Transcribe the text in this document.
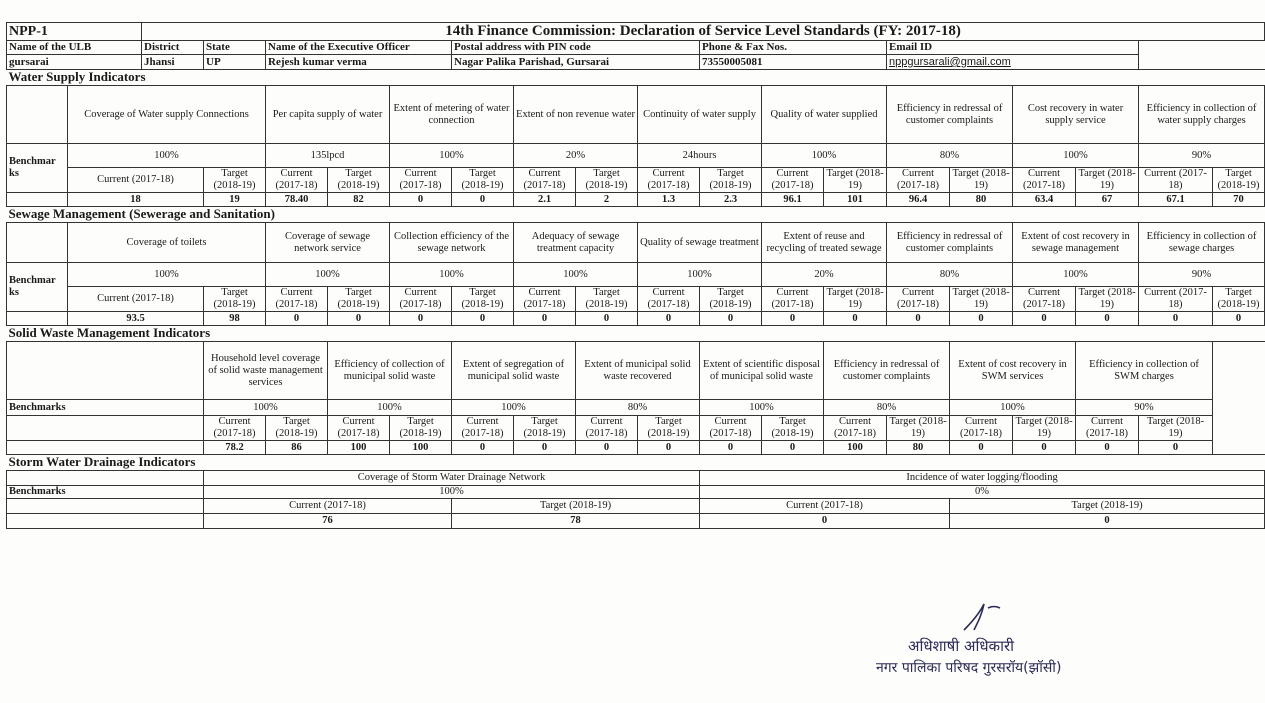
NPP-1		14th Finance Commission: Declaration of Service Level Standards (FY: 2017-18)																	
Name of the ULB		District	State	Name of the Executive Officer			Postal address with PIN code				Phone & Fax Nos.			Email ID					
gursarai		Jhansi	UP	Rejesh kumar verma			Nagar Palika Parishad, Gursarai				73550005081			nppgursarali@gmail.com					
Water Supply Indicators																			
	Coverage of Water supply Connections			Per capita supply of water		Extent of metering of water connection		Extent of non revenue water		Continuity of water supply		Quality of water supplied		Efficiency in redressal of customer complaints		Cost recovery in water supply service		Efficiency in collection of water supply charges	
Benchmar ks	100%			135lpcd		100%		20%		24hours		100%		80%		100%		90%	
	Current (2017-18)		Target (2018-19)	Current (2017-18)	Target (2018-19)	Current (2017-18)	Target (2018-19)	Current (2017-18)	Target (2018-19)	Current (2017-18)	Target (2018-19)	Current (2017-18)	Target (2018-19)	Current (2017-18)	Target (2018-19)	Current (2017-18)	Target (2018-19)	Current (2017-18)	Target (2018-19)
	18		19	78.40	82	0	0	2.1	2	1.3	2.3	96.1	101	96.4	80	63.4	67	67.1	70
Sewage Management (Sewerage and Sanitation)																			
	Coverage of toilets			Coverage of sewage network service		Collection efficiency of the sewage network		Adequacy of sewage treatment capacity		Quality of sewage treatment		Extent of reuse and recycling of treated sewage		Efficiency in redressal of customer complaints		Extent of cost recovery in sewage management		Efficiency in collection of sewage charges	
Benchmar ks	100%			100%		100%		100%		100%		20%		80%		100%		90%	
	Current (2017-18)		Target (2018-19)	Current (2017-18)	Target (2018-19)	Current (2017-18)	Target (2018-19)	Current (2017-18)	Target (2018-19)	Current (2017-18)	Target (2018-19)	Current (2017-18)	Target (2018-19)	Current (2017-18)	Target (2018-19)	Current (2017-18)	Target (2018-19)	Current (2017-18)	Target (2018-19)
	93.5		98	0	0	0	0	0	0	0	0	0	0	0	0	0	0	0	0
Solid Waste Management Indicators																			
			Household level coverage of solid waste management services		Efficiency of collection of municipal solid waste		Extent of segregation of municipal solid waste		Extent of municipal solid waste recovered		Extent of scientific disposal of municipal solid waste		Efficiency in redressal of customer complaints		Extent of cost recovery in SWM services		Efficiency in collection of SWM charges		
Benchmarks			100%		100%		100%		80%		100%		80%		100%		90%		
			Current (2017-18)	Target (2018-19)	Current (2017-18)	Target (2018-19)	Current (2017-18)	Target (2018-19)	Current (2017-18)	Target (2018-19)	Current (2017-18)	Target (2018-19)	Current (2017-18)	Target (2018-19)	Current (2017-18)	Target (2018-19)	Current (2017-18)	Target (2018-19)	
			78.2	86	100	100	0	0	0	0	0	0	100	80	0	0	0	0	
Storm Water Drainage Indicators																			
			Coverage of Storm Water Drainage Network								Incidence of water logging/flooding								
Benchmarks			100%								0%								
			Current (2017-18)				Target (2018-19)				Current (2017-18)				Target (2018-19)				
			76				78				0				0				
अधिशाषी अधिकारी
नगर पालिका परिषद गुरसरॉय(झॉसी)
